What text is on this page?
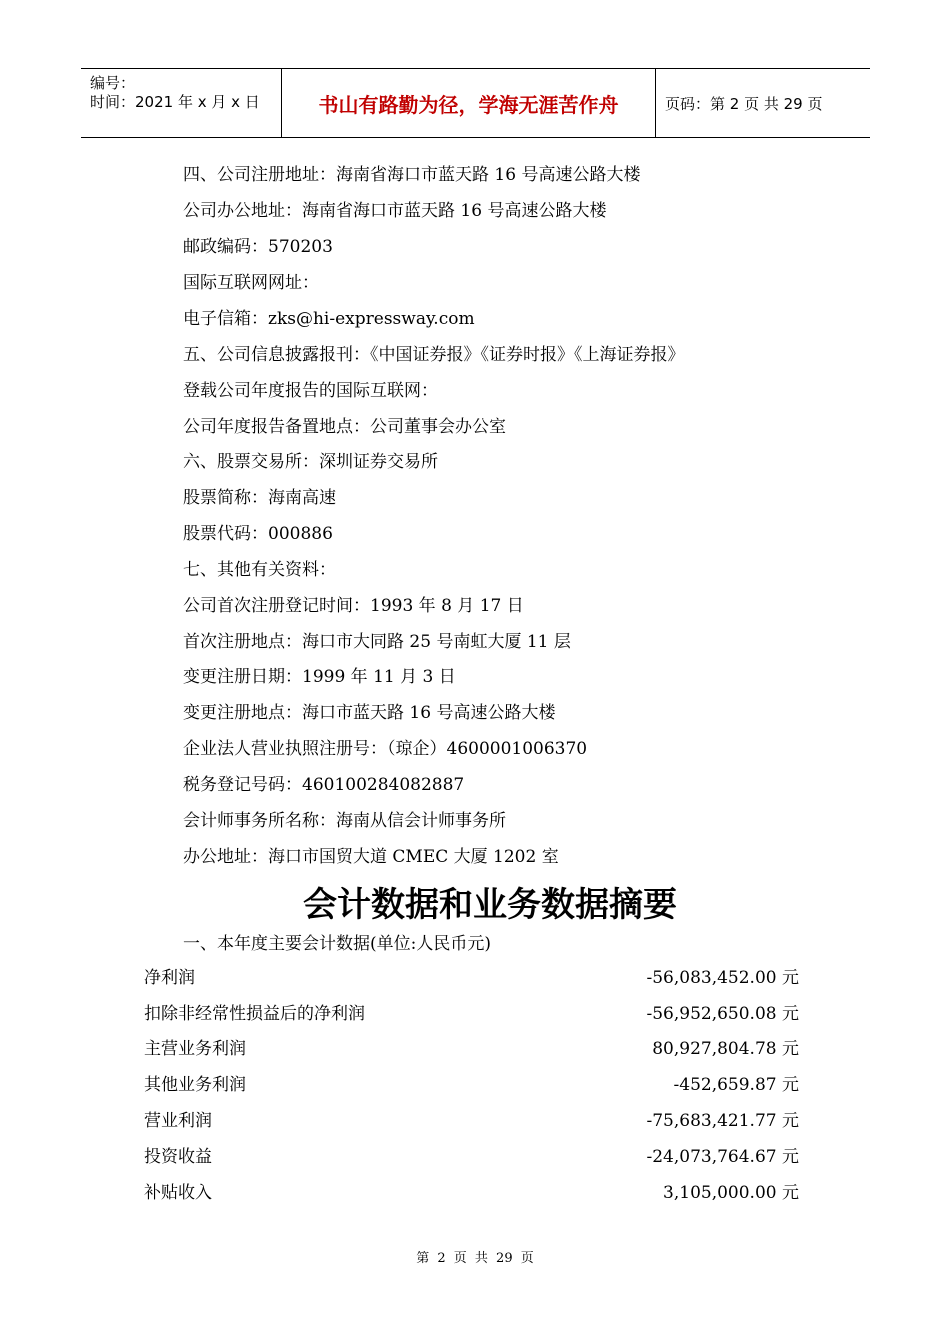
编号：
时间：2021 年 x 月 x 日	书山有路勤为径，学海无涯苦作舟	页码：第 2 页 共 29 页
四、公司注册地址：海南省海口市蓝天路 16 号高速公路大楼
公司办公地址：海南省海口市蓝天路 16 号高速公路大楼
邮政编码：570203
国际互联网网址：
电子信箱：zks@hi-expressway.com
五、公司信息披露报刊：《中国证券报》《证券时报》《上海证券报》
登载公司年度报告的国际互联网：
公司年度报告备置地点：公司董事会办公室
六、股票交易所：深圳证券交易所
股票简称：海南高速
股票代码：000886
七、其他有关资料：
公司首次注册登记时间：1993 年 8 月 17 日
首次注册地点：海口市大同路 25 号南虹大厦 11 层
变更注册日期：1999 年 11 月 3 日
变更注册地点：海口市蓝天路 16 号高速公路大楼
企业法人营业执照注册号：（琼企）4600001006370
税务登记号码：460100284082887
会计师事务所名称：海南从信会计师事务所
办公地址：海口市国贸大道 CMEC 大厦 1202 室
会计数据和业务数据摘要
一、本年度主要会计数据(单位:人民币元)
净利润	-56,083,452.00 元
扣除非经常性损益后的净利润	-56,952,650.08 元
主营业务利润	80,927,804.78 元
其他业务利润	-452,659.87 元
营业利润	-75,683,421.77 元
投资收益	-24,073,764.67 元
补贴收入	3,105,000.00 元
第 2 页 共 29 页
